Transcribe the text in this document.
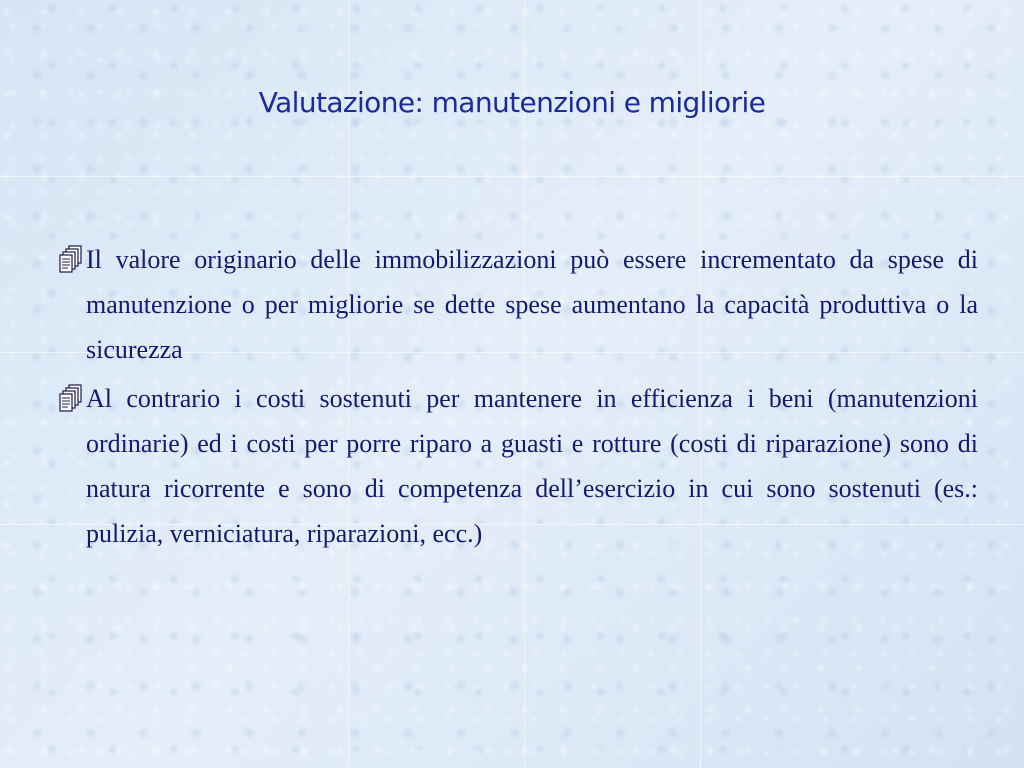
Valutazione: manutenzioni e migliorie
Il valore originario delle immobilizzazioni può essere incrementato da spese di manutenzione o per migliorie se dette spese aumentano la capacità produttiva o la sicurezza
Al contrario i costi sostenuti per mantenere in efficienza i beni (manutenzioni ordinarie) ed i costi per porre riparo a guasti e rotture (costi di riparazione) sono di natura ricorrente e sono di competenza dell’esercizio in cui sono sostenuti (es.: pulizia, verniciatura, riparazioni, ecc.)
